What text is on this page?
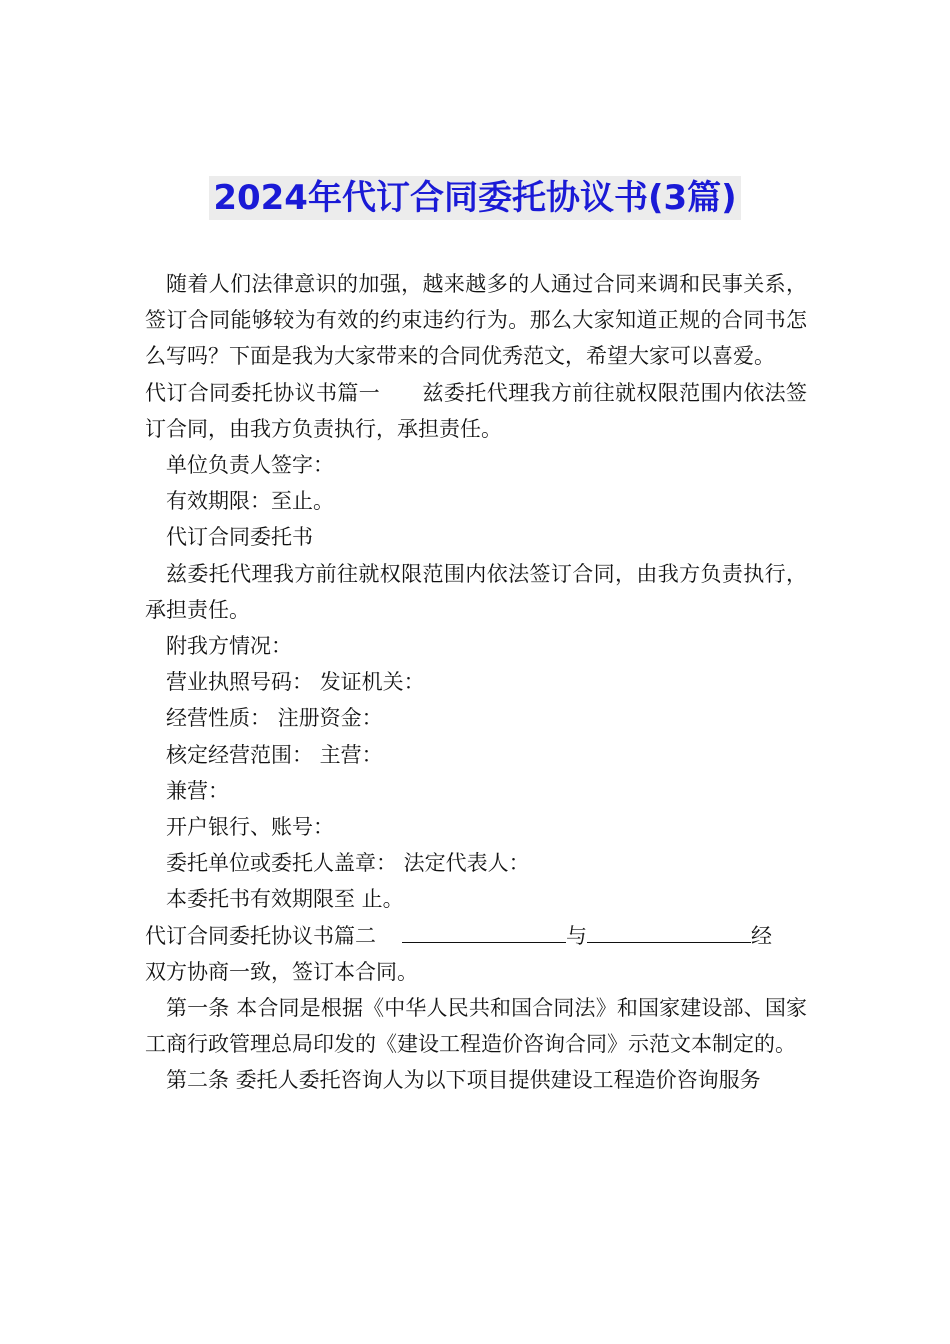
2024年代订合同委托协议书(3篇)

随着人们法律意识的加强，越来越多的人通过合同来调和民事关系，签订合同能够较为有效的约束违约行为。那么大家知道正规的合同书怎么写吗？下面是我为大家带来的合同优秀范文，希望大家可以喜爱。

代订合同委托协议书篇一 兹委托代理我方前往就权限范围内依法签订合同，由我方负责执行，承担责任。

单位负责人签字：

有效期限：至止。

代订合同委托书

兹委托代理我方前往就权限范围内依法签订合同，由我方负责执行，承担责任。

附我方情况：

营业执照号码： 发证机关：

经营性质： 注册资金：

核定经营范围： 主营：

兼营：

开户银行、账号：

委托单位或委托人盖章： 法定代表人：

本委托书有效期限至 止。

代订合同委托协议书篇二	与	经
双方协商一致，签订本合同。

第一条 本合同是根据《中华人民共和国合同法》和国家建设部、国家工商行政管理总局印发的《建设工程造价咨询合同》示范文本制定的。

第二条 委托人委托咨询人为以下项目提供建设工程造价咨询服务
